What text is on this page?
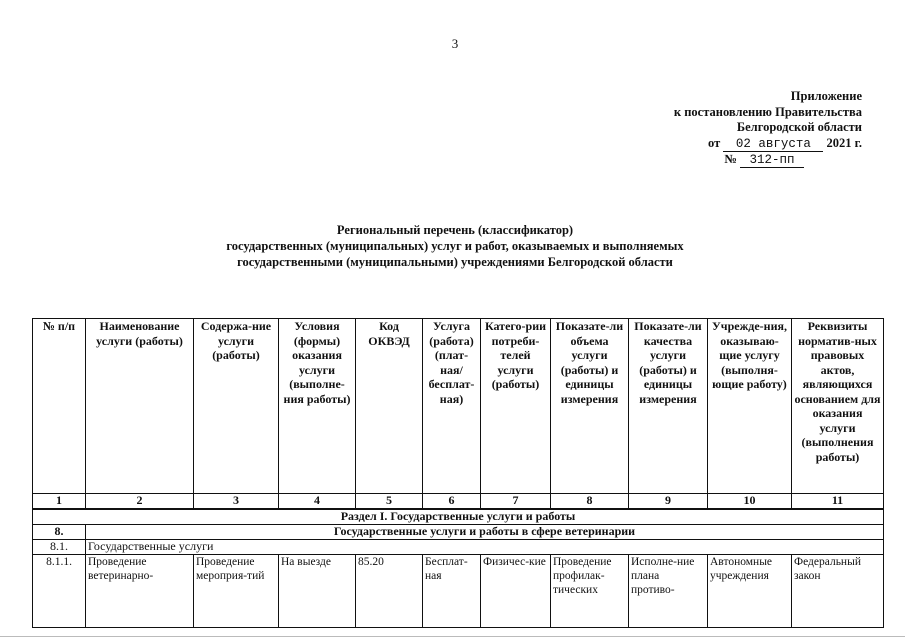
3
Приложение
к постановлению Правительства
Белгородской области
от 02 августа 2021 г.
№ 312-пп
Региональный перечень (классификатор)
государственных (муниципальных) услуг и работ, оказываемых и выполняемых
государственными (муниципальными) учреждениями Белгородской области
№ п/п	Наименование услуги (работы)	Содержа-ние услуги (работы)	Условия (формы) оказания услуги (выполне-ния работы)	Код ОКВЭД	Услуга (работа) (плат-ная/ бесплат-ная)	Катего-рии потреби-телей услуги (работы)	Показате-ли объема услуги (работы) и единицы измерения	Показате-ли качества услуги (работы) и единицы измерения	Учрежде-ния, оказываю-щие услугу (выполня-ющие работу)	Реквизиты норматив-ных правовых актов, являющихся основанием для оказания услуги (выполнения работы)
1	2	3	4	5	6	7	8	9	10	11
Раздел I. Государственные услуги и работы										
8.	Государственные услуги и работы в сфере ветеринарии									
8.1.	Государственные услуги									
8.1.1.	Проведение ветеринарно-	Проведение мероприя-тий	На выезде	85.20	Бесплат-ная	Физичес-кие	Проведение профилак-тических	Исполне-ние плана противо-	Автономные учреждения	Федеральный закон
